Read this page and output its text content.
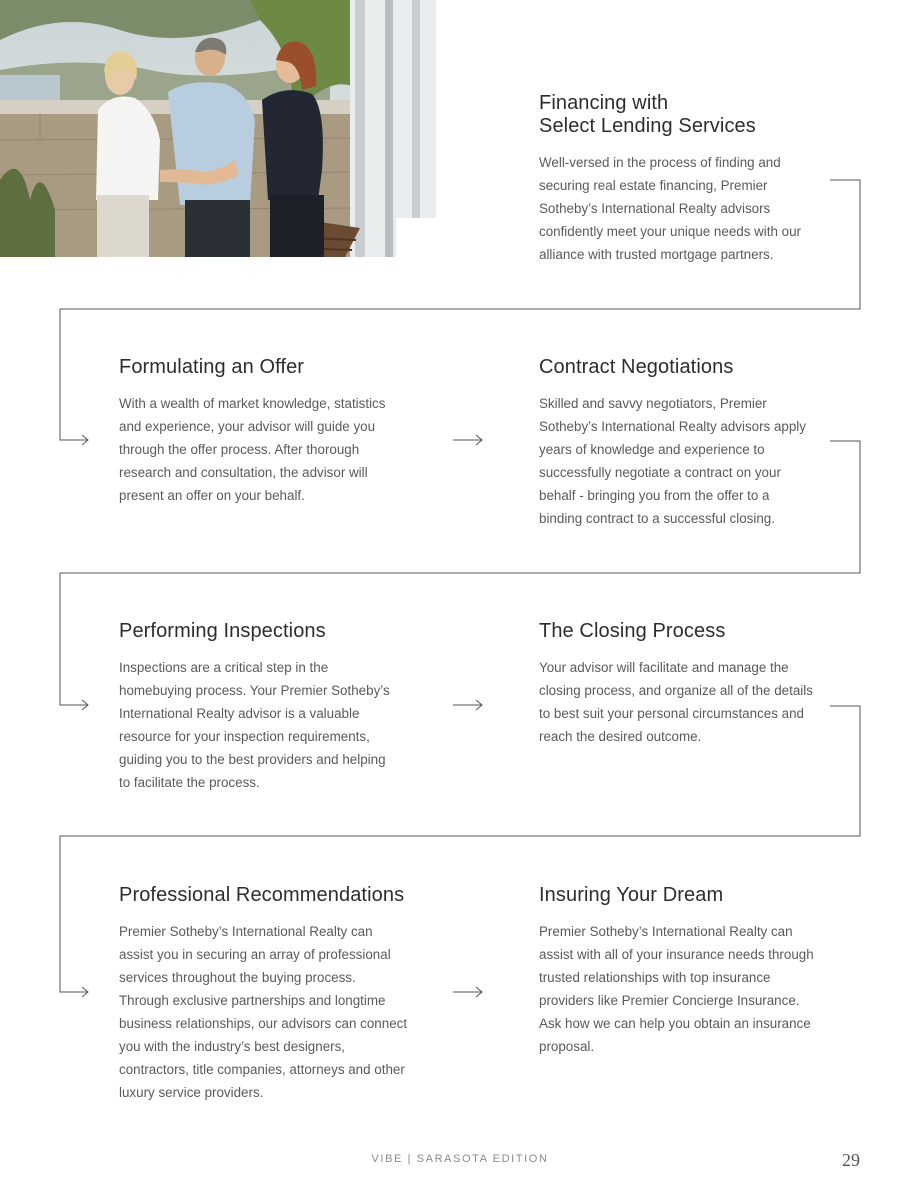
Financing with
Select Lending Services

Well-versed in the process of finding and securing real estate financing, Premier Sotheby’s International Realty advisors confidently meet your unique needs with our alliance with trusted mortgage partners.

Formulating an Offer

With a wealth of market knowledge, statistics and experience, your advisor will guide you through the offer process. After thorough research and consultation, the advisor will present an offer on your behalf.

Contract Negotiations

Skilled and savvy negotiators, Premier Sotheby’s International Realty advisors apply years of knowledge and experience to successfully negotiate a contract on your behalf - bringing you from the offer to a binding contract to a successful closing.

Performing Inspections

Inspections are a critical step in the homebuying process. Your Premier Sotheby’s International Realty advisor is a valuable resource for your inspection requirements, guiding you to the best providers and helping to facilitate the process.

The Closing Process

Your advisor will facilitate and manage the closing process, and organize all of the details to best suit your personal circumstances and reach the desired outcome.

Professional Recommendations

Premier Sotheby’s International Realty can assist you in securing an array of professional services throughout the buying process. Through exclusive partnerships and longtime business relationships, our advisors can connect you with the industry’s best designers, contractors, title companies, attorneys and other luxury service providers.

Insuring Your Dream

Premier Sotheby’s International Realty can assist with all of your insurance needs through trusted relationships with top insurance providers like Premier Concierge Insurance. Ask how we can help you obtain an insurance proposal.

VIBE | SARASOTA EDITION	29
